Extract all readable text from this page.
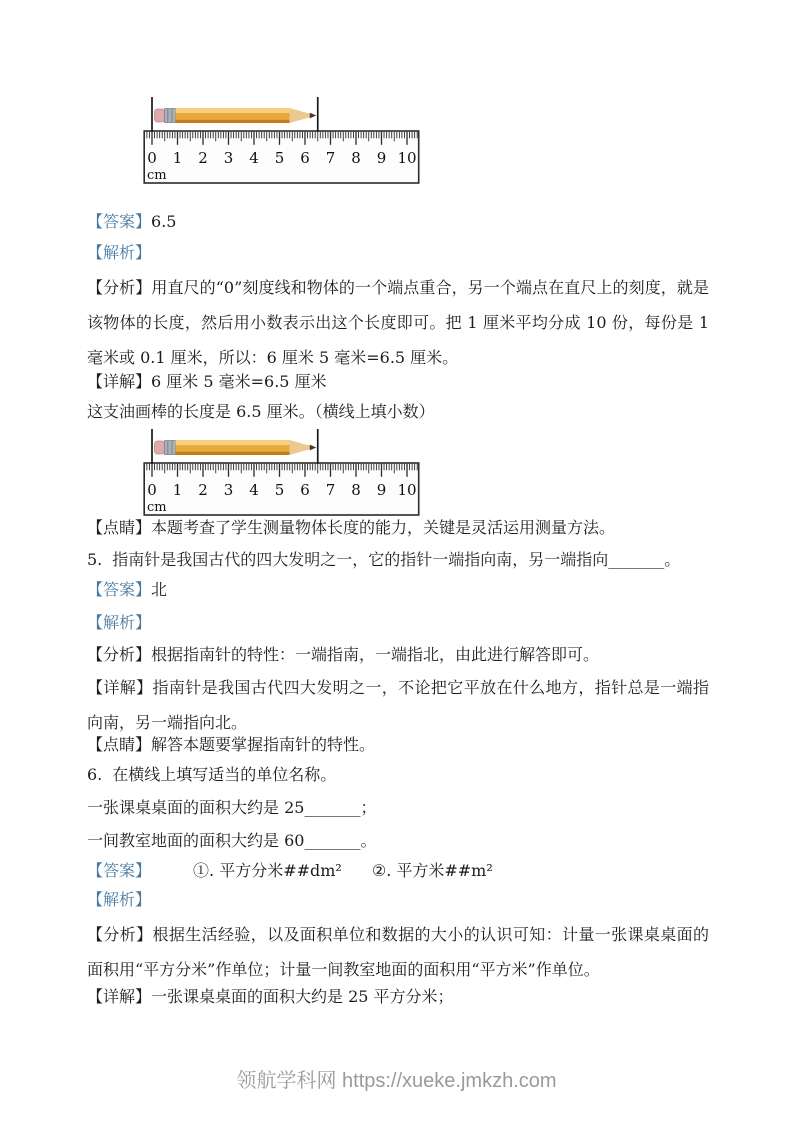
0 1 2 3 4 5 6 7 8 9 10
cm
【答案】6.5
【解析】
【分析】用直尺的“0”刻度线和物体的一个端点重合，另一个端点在直尺上的刻度，就是该物体的长度，然后用小数表示出这个长度即可。把 1 厘米平均分成 10 份，每份是 1 毫米或 0.1 厘米，所以：6 厘米 5 毫米=6.5 厘米。
【详解】6 厘米 5 毫米=6.5 厘米
这支油画棒的长度是 6.5 厘米。（横线上填小数）
0 1 2 3 4 5 6 7 8 9 10
cm
【点睛】本题考查了学生测量物体长度的能力，关键是灵活运用测量方法。
5. 指南针是我国古代的四大发明之一，它的指针一端指向南，另一端指向_______。
【答案】北
【解析】
【分析】根据指南针的特性：一端指南，一端指北，由此进行解答即可。
【详解】指南针是我国古代四大发明之一，不论把它平放在什么地方，指针总是一端指向南，另一端指向北。
【点睛】解答本题要掌握指南针的特性。
6. 在横线上填写适当的单位名称。
一张课桌桌面的面积大约是 25_______；
一间教室地面的面积大约是 60_______。
【答案】	①. 平方分米##dm² ②. 平方米##m²
【解析】
【分析】根据生活经验，以及面积单位和数据的大小的认识可知：计量一张课桌桌面的面积用“平方分米”作单位；计量一间教室地面的面积用“平方米”作单位。
【详解】一张课桌桌面的面积大约是 25 平方分米；
领航学科网 https://xueke.jmkzh.com
